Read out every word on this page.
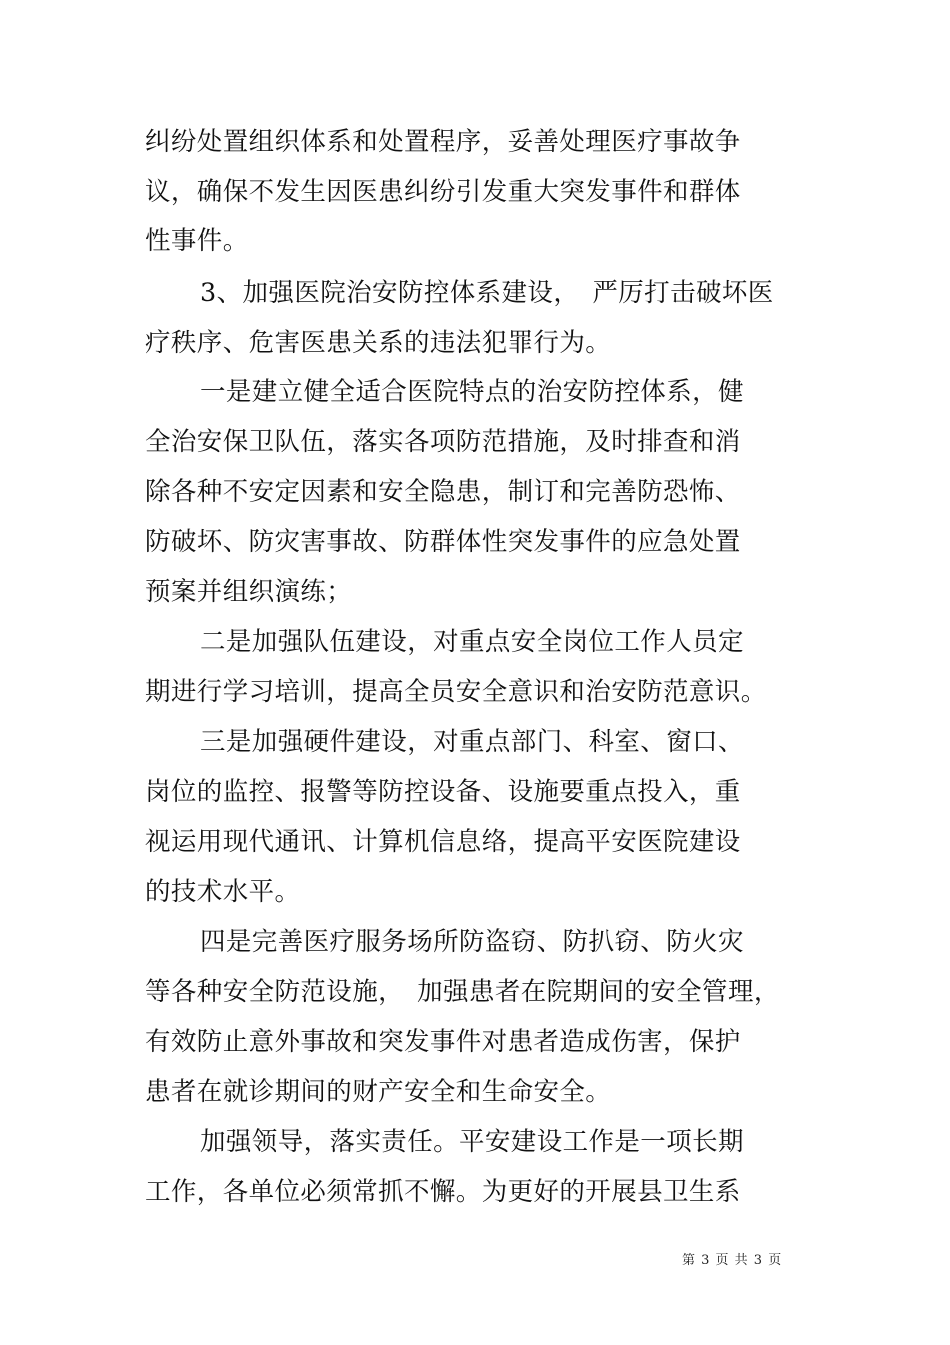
纠纷处置组织体系和处置程序，妥善处理医疗事故争

议，确保不发生因医患纠纷引发重大突发事件和群体

性事件。

3、加强医院治安防控体系建设，　严厉打击破坏医

疗秩序、危害医患关系的违法犯罪行为。

一是建立健全适合医院特点的治安防控体系，健

全治安保卫队伍，落实各项防范措施，及时排查和消

除各种不安定因素和安全隐患，制订和完善防恐怖、

防破坏、防灾害事故、防群体性突发事件的应急处置

预案并组织演练；

二是加强队伍建设，对重点安全岗位工作人员定

期进行学习培训，提高全员安全意识和治安防范意识。

三是加强硬件建设，对重点部门、科室、窗口、

岗位的监控、报警等防控设备、设施要重点投入，重

视运用现代通讯、计算机信息络，提高平安医院建设

的技术水平。

四是完善医疗服务场所防盗窃、防扒窃、防火灾

等各种安全防范设施，　加强患者在院期间的安全管理，

有效防止意外事故和突发事件对患者造成伤害，保护

患者在就诊期间的财产安全和生命安全。

加强领导，落实责任。平安建设工作是一项长期

工作，各单位必须常抓不懈。为更好的开展县卫生系

第 3 页 共 3 页
